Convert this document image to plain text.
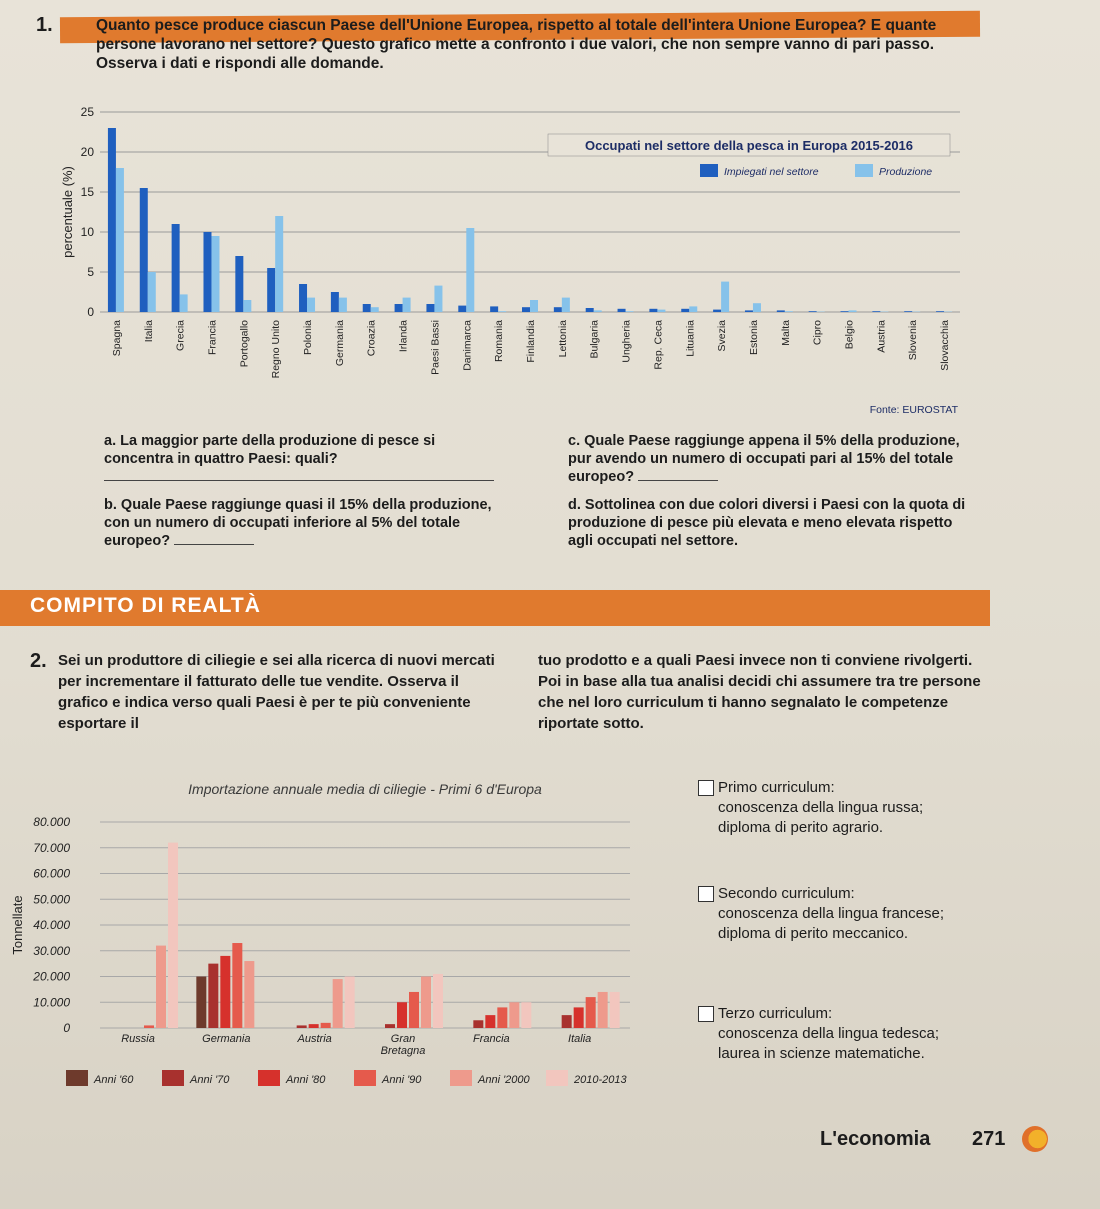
1.	Quanto pesce produce ciascun Paese dell'Unione Europea, rispetto al totale dell'intera Unione Europea? E quante persone lavorano nel settore? Questo grafico mette a confronto i due valori, che non sempre vanno di pari passo. Osserva i dati e rispondi alle domande.
0
5
10
15
20
25
percentuale (%)
Spagna Italia Grecia Francia Portogallo Regno Unito Polonia Germania Croazia Irlanda Paesi Bassi Danimarca Romania Finlandia Lettonia Bulgaria Ungheria Rep. Ceca Lituania Svezia Estonia Malta Cipro Belgio Austria Slovenia Slovacchia
Occupati nel settore della pesca in Europa 2015-2016
Impiegati nel settore	Produzione
Fonte: EUROSTAT
a. La maggior parte della produzione di pesce si concentra in quattro Paesi: quali?
b. Quale Paese raggiunge quasi il 15% della produzione, con un numero di occupati inferiore al 5% del totale europeo?
c. Quale Paese raggiunge appena il 5% della produzione, pur avendo un numero di occupati pari al 15% del totale europeo?
d. Sottolinea con due colori diversi i Paesi con la quota di produzione di pesce più elevata e meno elevata rispetto agli occupati nel settore.
COMPITO DI REALTÀ
2. Sei un produttore di ciliegie e sei alla ricerca di nuovi mercati per incrementare il fatturato delle tue vendite. Osserva il grafico e indica verso quali Paesi è per te più conveniente esportare il
tuo prodotto e a quali Paesi invece non ti conviene rivolgerti. Poi in base alla tua analisi decidi chi assumere tra tre persone che nel loro curriculum ti hanno segnalato le competenze riportate sotto.
Importazione annuale media di ciliegie - Primi 6 d'Europa
0
10.000
20.000
30.000
40.000
50.000
60.000
70.000
80.000
Tonnellate
Russia	Germania	Austria	Gran Bretagna
Francia	Italia
Anni '60	Anni '70	Anni '80	Anni '90	Anni '2000	2010-2013
Primo curriculum:
conoscenza della lingua russa;
diploma di perito agrario.
Secondo curriculum:
conoscenza della lingua francese;
diploma di perito meccanico.
Terzo curriculum:
conoscenza della lingua tedesca;
laurea in scienze matematiche.
L'economia 271
